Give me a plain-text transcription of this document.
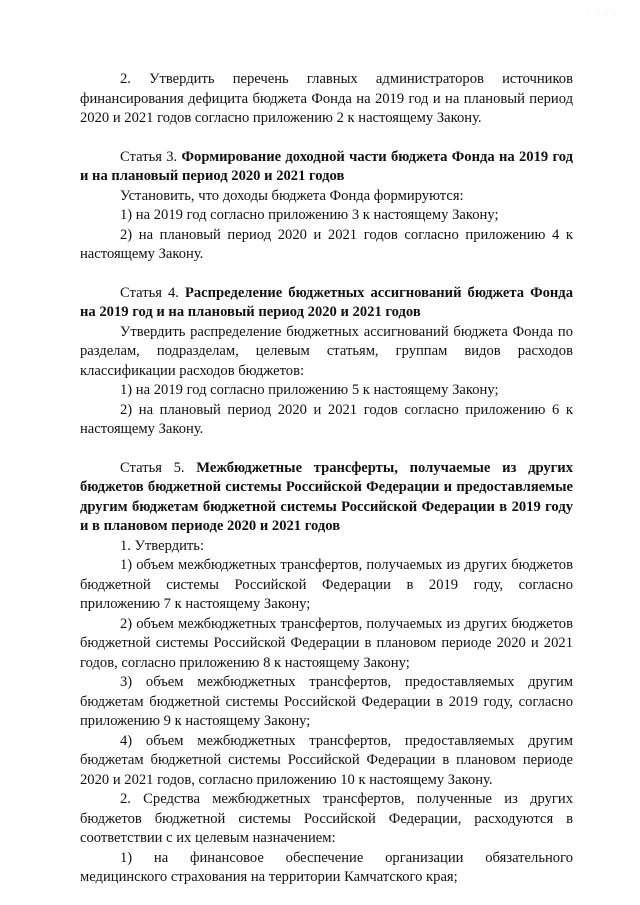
· · · ·

2. Утвердить перечень главных администраторов источников финансирования дефицита бюджета Фонда на 2019 год и на плановый период 2020 и 2021 годов согласно приложению 2 к настоящему Закону.

Статья 3. Формирование доходной части бюджета Фонда на 2019 год и на плановый период 2020 и 2021 годов

Установить, что доходы бюджета Фонда формируются:

1) на 2019 год согласно приложению 3 к настоящему Закону;

2) на плановый период 2020 и 2021 годов согласно приложению 4 к настоящему Закону.

Статья 4. Распределение бюджетных ассигнований бюджета Фонда на 2019 год и на плановый период 2020 и 2021 годов

Утвердить распределение бюджетных ассигнований бюджета Фонда по разделам, подразделам, целевым статьям, группам видов расходов классификации расходов бюджетов:

1) на 2019 год согласно приложению 5 к настоящему Закону;

2) на плановый период 2020 и 2021 годов согласно приложению 6 к настоящему Закону.

Статья 5. Межбюджетные трансферты, получаемые из других бюджетов бюджетной системы Российской Федерации и предоставляемые другим бюджетам бюджетной системы Российской Федерации в 2019 году и в плановом периоде 2020 и 2021 годов

1. Утвердить:

1) объем межбюджетных трансфертов, получаемых из других бюджетов бюджетной системы Российской Федерации в 2019 году, согласно приложению 7 к настоящему Закону;

2) объем межбюджетных трансфертов, получаемых из других бюджетов бюджетной системы Российской Федерации в плановом периоде 2020 и 2021 годов, согласно приложению 8 к настоящему Закону;

3) объем межбюджетных трансфертов, предоставляемых другим бюджетам бюджетной системы Российской Федерации в 2019 году, согласно приложению 9 к настоящему Закону;

4) объем межбюджетных трансфертов, предоставляемых другим бюджетам бюджетной системы Российской Федерации в плановом периоде 2020 и 2021 годов, согласно приложению 10 к настоящему Закону.

2. Средства межбюджетных трансфертов, полученные из других бюджетов бюджетной системы Российской Федерации, расходуются в соответствии с их целевым назначением:

1) на финансовое обеспечение организации обязательного медицинского страхования на территории Камчатского края;
